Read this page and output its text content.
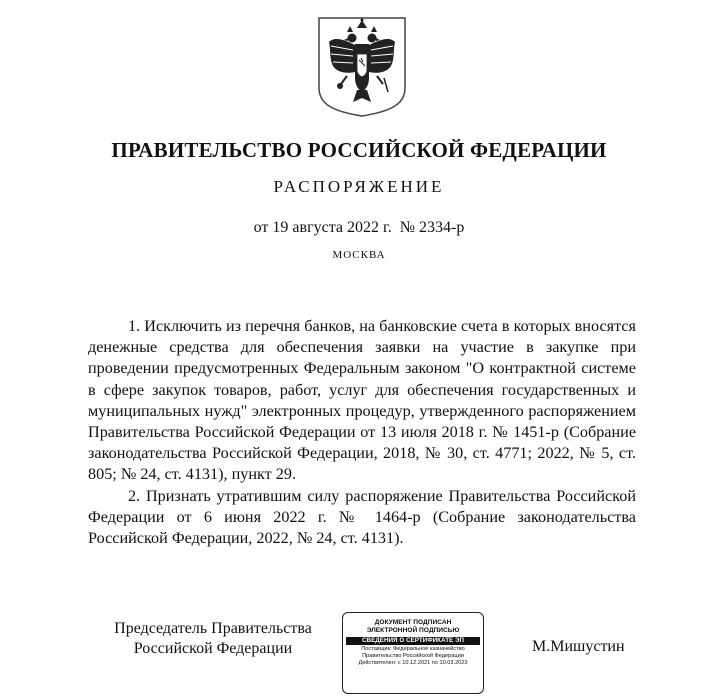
ПРАВИТЕЛЬСТВО РОССИЙСКОЙ ФЕДЕРАЦИИ
РАСПОРЯЖЕНИЕ
от 19 августа 2022 г. № 2334-р
МОСКВА

1. Исключить из перечня банков, на банковские счета в которых вносятся денежные средства для обеспечения заявки на участие в закупке при проведении предусмотренных Федеральным законом "О контрактной системе в сфере закупок товаров, работ, услуг для обеспечения государственных и муниципальных нужд" электронных процедур, утвержденного распоряжением Правительства Российской Федерации от 13 июля 2018 г. № 1451-р (Собрание законодательства Российской Федерации, 2018, № 30, ст. 4771; 2022, № 5, ст. 805; № 24, ст. 4131), пункт 29.

2. Признать утратившим силу распоряжение Правительства Российской Федерации от 6 июня 2022 г. № 1464-р (Собрание законодательства Российской Федерации, 2022, № 24, ст. 4131).

Председатель Правительства
Российской Федерации
ДОКУМЕНТ ПОДПИСАН
ЭЛЕКТРОННОЙ ПОДПИСЬЮ
СВЕДЕНИЯ О СЕРТИФИКАТЕ ЭП
Поставщик: Федеральное казначейство
Правительство Российской Федерации
Действителен: с 10.12.2021 по 10.03.2023
М.Мишустин
